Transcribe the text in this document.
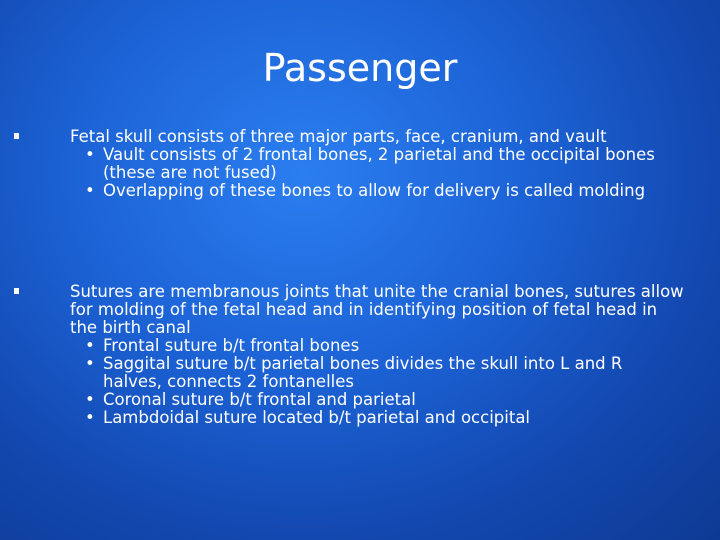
Passenger
Fetal skull consists of three major parts, face, cranium, and vault
• Vault consists of 2 frontal bones, 2 parietal and the occipital bones (these are not fused)
• Overlapping of these bones to allow for delivery is called molding
Sutures are membranous joints that unite the cranial bones, sutures allow for molding of the fetal head and in identifying position of fetal head in the birth canal
• Frontal suture b/t frontal bones
• Saggital suture b/t parietal bones divides the skull into L and R halves, connects 2 fontanelles
• Coronal suture b/t frontal and parietal
• Lambdoidal suture located b/t parietal and occipital
